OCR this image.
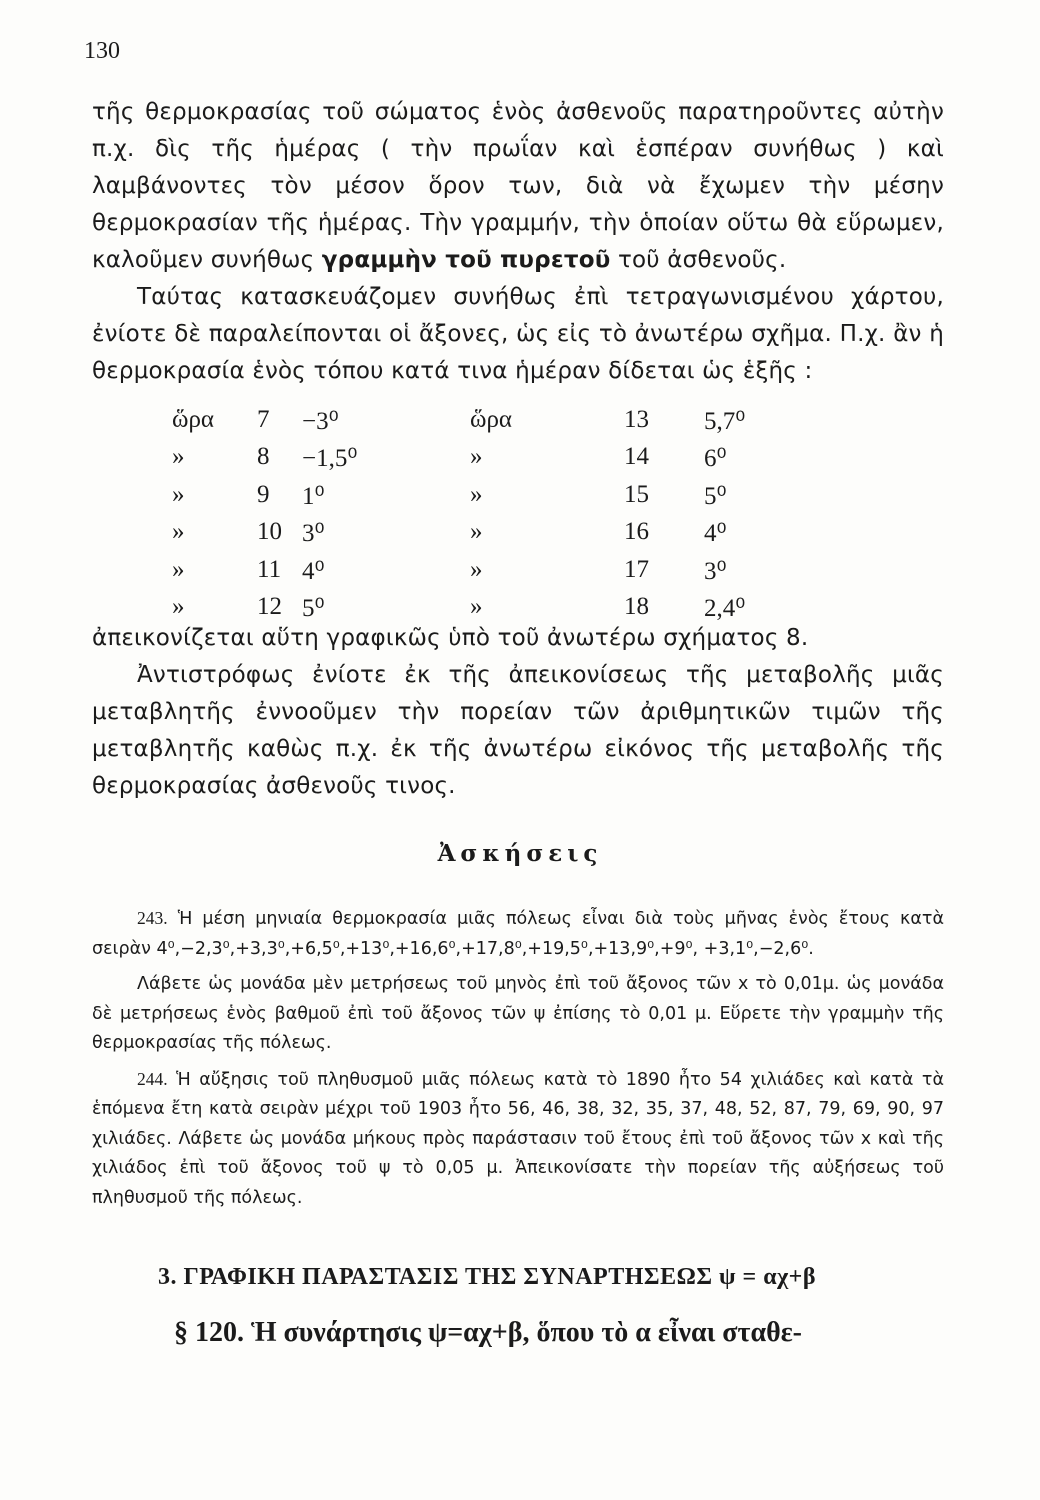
130

τῆς θερμοκρασίας τοῦ σώματος ἑνὸς ἀσθενοῦς παρατηροῦντες αὐτὴν π.χ. δὶς τῆς ἡμέρας ( τὴν πρωΐαν καὶ ἑσπέραν συνήθως ) καὶ λαμβάνοντες τὸν μέσον ὅρον των, διὰ νὰ ἔχωμεν τὴν μέσην θερμοκρασίαν τῆς ἡμέρας. Τὴν γραμμήν, τὴν ὁποίαν οὕτω θὰ εὕρωμεν, καλοῦμεν συνήθως γραμμὴν τοῦ πυρετοῦ τοῦ ἀσθενοῦς.

Ταύτας κατασκευάζομεν συνήθως ἐπὶ τετραγωνισμένου χάρτου, ἐνίοτε δὲ παραλείπονται οἱ ἄξονες, ὡς εἰς τὸ ἀνωτέρω σχῆμα. Π.χ. ἂν ἡ θερμοκρασία ἑνὸς τόπου κατά τινα ἡμέραν δίδεται ὡς ἑξῆς :

ὥρα 7 −3⁰	ὥρα	13 5,7⁰
»	8 −1,5⁰	»	14 6⁰
»	9 1⁰	»	15 5⁰
»	10 3⁰	»	16 4⁰
»	11 4⁰	»	17 3⁰
»	12 5⁰	»	18 2,4⁰

ἀπεικονίζεται αὕτη γραφικῶς ὑπὸ τοῦ ἀνωτέρω σχήματος 8.

Ἀντιστρόφως ἐνίοτε ἐκ τῆς ἀπεικονίσεως τῆς μεταβολῆς μιᾶς μεταβλητῆς ἐννοοῦμεν τὴν πορείαν τῶν ἀριθμητικῶν τιμῶν τῆς μεταβλητῆς καθὼς π.χ. ἐκ τῆς ἀνωτέρω εἰκόνος τῆς μεταβολῆς τῆς θερμοκρασίας ἀσθενοῦς τινος.

Ἀσκήσεις

243. Ἡ μέση μηνιαία θερμοκρασία μιᾶς πόλεως εἶναι διὰ τοὺς μῆνας ἑνὸς ἔτους κατὰ σειρὰν 4⁰,−2,3⁰,+3,3⁰,+6,5⁰,+13⁰,+16,6⁰,+17,8⁰,+19,5⁰,+13,9⁰,+9⁰, +3,1⁰,−2,6⁰.

Λάβετε ὡς μονάδα μὲν μετρήσεως τοῦ μηνὸς ἐπὶ τοῦ ἄξονος τῶν x τὸ 0,01μ. ὡς μονάδα δὲ μετρήσεως ἑνὸς βαθμοῦ ἐπὶ τοῦ ἄξονος τῶν ψ ἐπίσης τὸ 0,01 μ. Εὕρετε τὴν γραμμὴν τῆς θερμοκρασίας τῆς πόλεως.

244. Ἡ αὔξησις τοῦ πληθυσμοῦ μιᾶς πόλεως κατὰ τὸ 1890 ἦτο 54 χιλιάδες καὶ κατὰ τὰ ἑπόμενα ἔτη κατὰ σειρὰν μέχρι τοῦ 1903 ἦτο 56, 46, 38, 32, 35, 37, 48, 52, 87, 79, 69, 90, 97 χιλιάδες. Λάβετε ὡς μονάδα μήκους πρὸς παράστασιν τοῦ ἔτους ἐπὶ τοῦ ἄξονος τῶν x καὶ τῆς χιλιάδος ἐπὶ τοῦ ἄξονος τοῦ ψ τὸ 0,05 μ. Ἀπεικονίσατε τὴν πορείαν τῆς αὐξήσεως τοῦ πληθυσμοῦ τῆς πόλεως.

3. ΓΡΑΦΙΚΗ ΠΑΡΑΣΤΑΣΙΣ ΤΗΣ ΣΥΝΑΡΤΗΣΕΩΣ ψ = αχ+β
§ 120. Ἡ συνάρτησις ψ=αχ+β, ὅπου τὸ α εἶναι σταθε-
